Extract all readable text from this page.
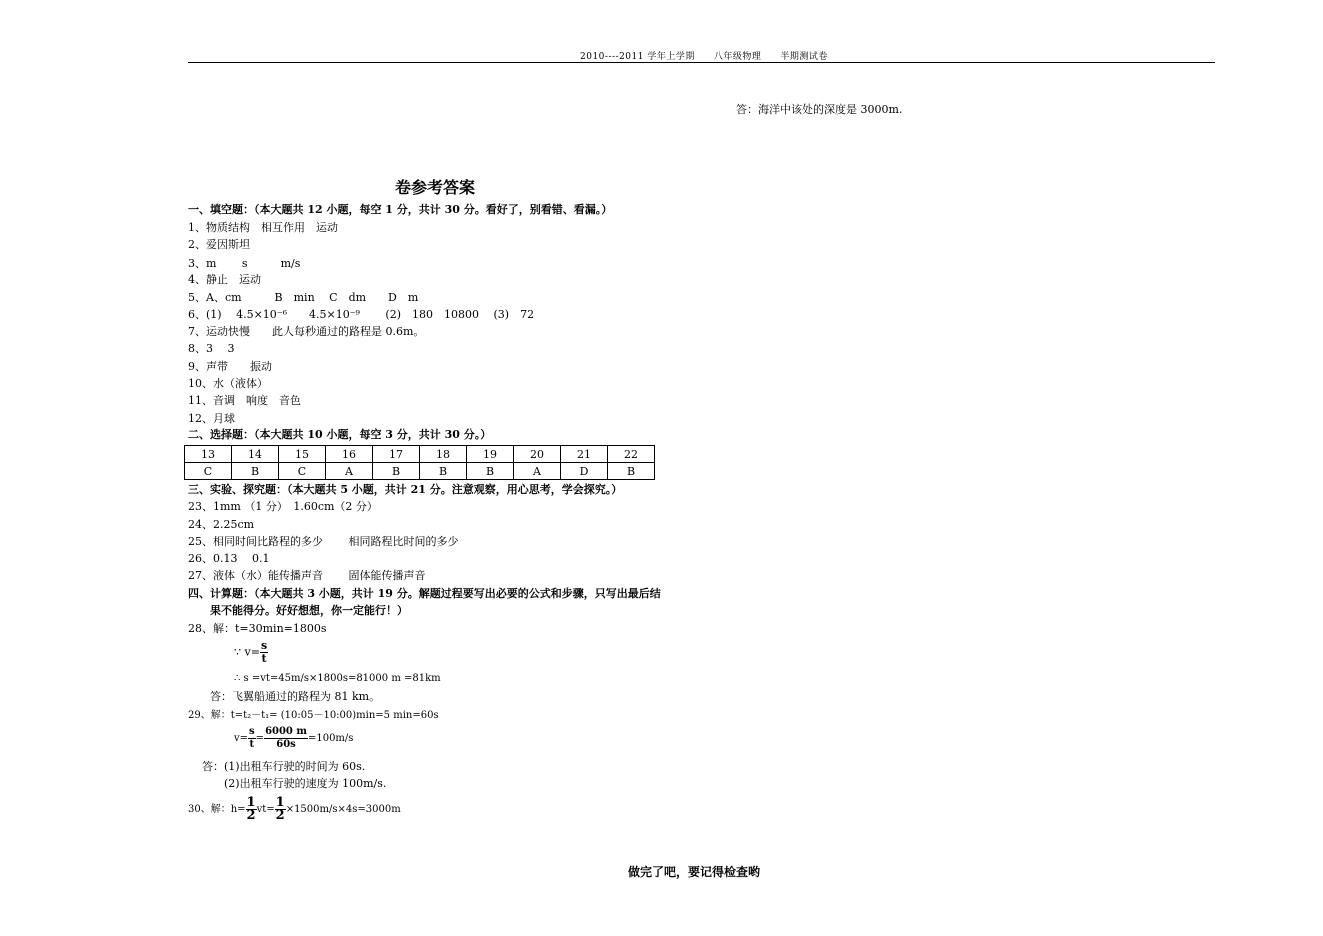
2010----2011 学年上学期　　八年级物理　　半期测试卷
答：海洋中该处的深度是 3000m.
卷参考答案
一、填空题：（本大题共 12 小题，每空 1 分，共计 30 分。看好了，别看错、看漏。）
1、物质结构　相互作用　运动
2、爱因斯坦
3、m　　 s　　　m/s
4、静止　运动
5、A、cm　　　B　min　 C　dm　　D　m
6、(1)　 4.5×10⁻⁶　　4.5×10⁻⁹　　 (2)　180　10800　 (3)　72
7、运动快慢　　此人每秒通过的路程是 0.6m。
8、3　 3
9、声带　　振动
10、水（液体）
11、音调　响度　音色
12、月球
二、选择题：（本大题共 10 小题，每空 3 分，共计 30 分。）
13	14	15	16	17	18	19	20	21	22
C	B	C	A	B	B	B	A	D	B
三、实验、探究题：（本大题共 5 小题，共计 21 分。注意观察，用心思考，学会探究。）
23、1mm （1 分）　1.60cm（2 分）
24、2.25cm
25、相同时间比路程的多少　　 相同路程比时间的多少
26、0.13　 0.1
27、液体（水）能传播声音　　 固体能传播声音
四、计算题：（本大题共 3 小题，共计 19 分。解题过程要写出必要的公式和步骤，只写出最后结
果不能得分。好好想想，你一定能行！）
28、解：t=30min=1800s
∵ $v= \frac{s}{t}$
∴ s =vt=45m/s×1800s=81000 m =81km
答：飞翼船通过的路程为 81 km。
29、解：t=t₂－t₁= (10:05－10:00)min=5 min=60s
$v= \frac{s}{t} = \frac{6000 m}{60s} =100m/s$
答：(1)出租车行驶的时间为 60s.
(2)出租车行驶的速度为 100m/s.
30、解：$h= \frac{1}{2} vt= \frac{1}{2} \times 1500m/s\times 4s=3000m$
做完了吧，要记得检查哟
